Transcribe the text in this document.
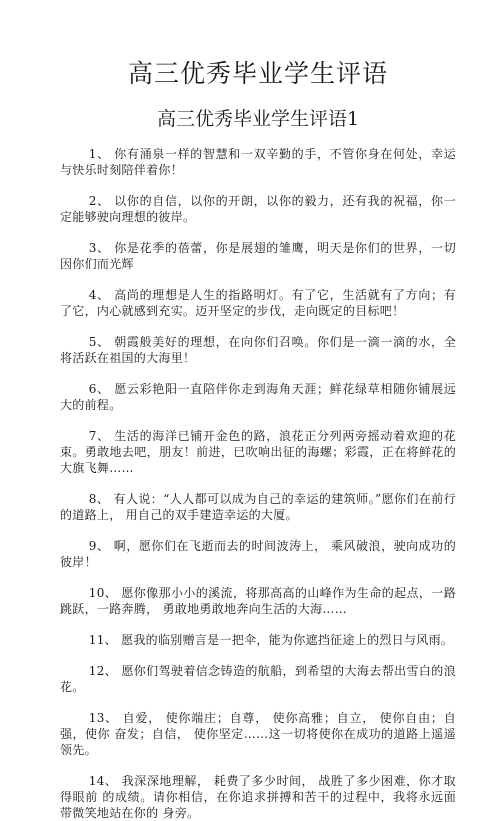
高三优秀毕业学生评语
高三优秀毕业学生评语1

1、 你有涌泉一样的智慧和一双辛勤的手，不管你身在何处，幸运与快乐时刻陪伴着你！

2、 以你的自信，以你的开朗，以你的毅力，还有我的祝福，你一定能够驶向理想的彼岸。

3、 你是花季的蓓蕾，你是展翅的雏鹰，明天是你们的世界，一切因你们而光辉

4、 高尚的理想是人生的指路明灯。有了它，生活就有了方向；有了它，内心就感到充实。迈开坚定的步伐，走向既定的目标吧！

5、 朝霞般美好的理想，在向你们召唤。你们是一滴一滴的水，全将活跃在祖国的大海里！

6、 愿云彩艳阳一直陪伴你走到海角天涯；鲜花绿草相随你铺展远大的前程。

7、 生活的海洋已铺开金色的路，浪花正分列两旁摇动着欢迎的花束。勇敢地去吧，朋友！前进，已吹响出征的海螺；彩霞，正在将鲜花的大旗飞舞……

8、 有人说：“人人都可以成为自己的幸运的建筑师。”愿你们在前行的道路上， 用自己的双手建造幸运的大厦。

9、 啊，愿你们在飞逝而去的时间波涛上， 乘风破浪，驶向成功的彼岸！

10、 愿你像那小小的溪流，将那高高的山峰作为生命的起点，一路跳跃，一路奔腾， 勇敢地勇敢地奔向生活的大海……

11、 愿我的临别赠言是一把伞，能为你遮挡征途上的烈日与风雨。

12、 愿你们驾驶着信念铸造的航船，到希望的大海去帮出雪白的浪花。

13、 自爱， 使你端庄；自尊， 使你高雅；自立， 使你自由；自强，使你 奋发；自信， 使你坚定……这一切将使你在成功的道路上遥遥领先。

14、 我深深地理解， 耗费了多少时间， 战胜了多少困难，你才取得眼前 的成绩。请你相信，在你追求拼搏和苦干的过程中，我将永远面带微笑地站在你的 身旁。
